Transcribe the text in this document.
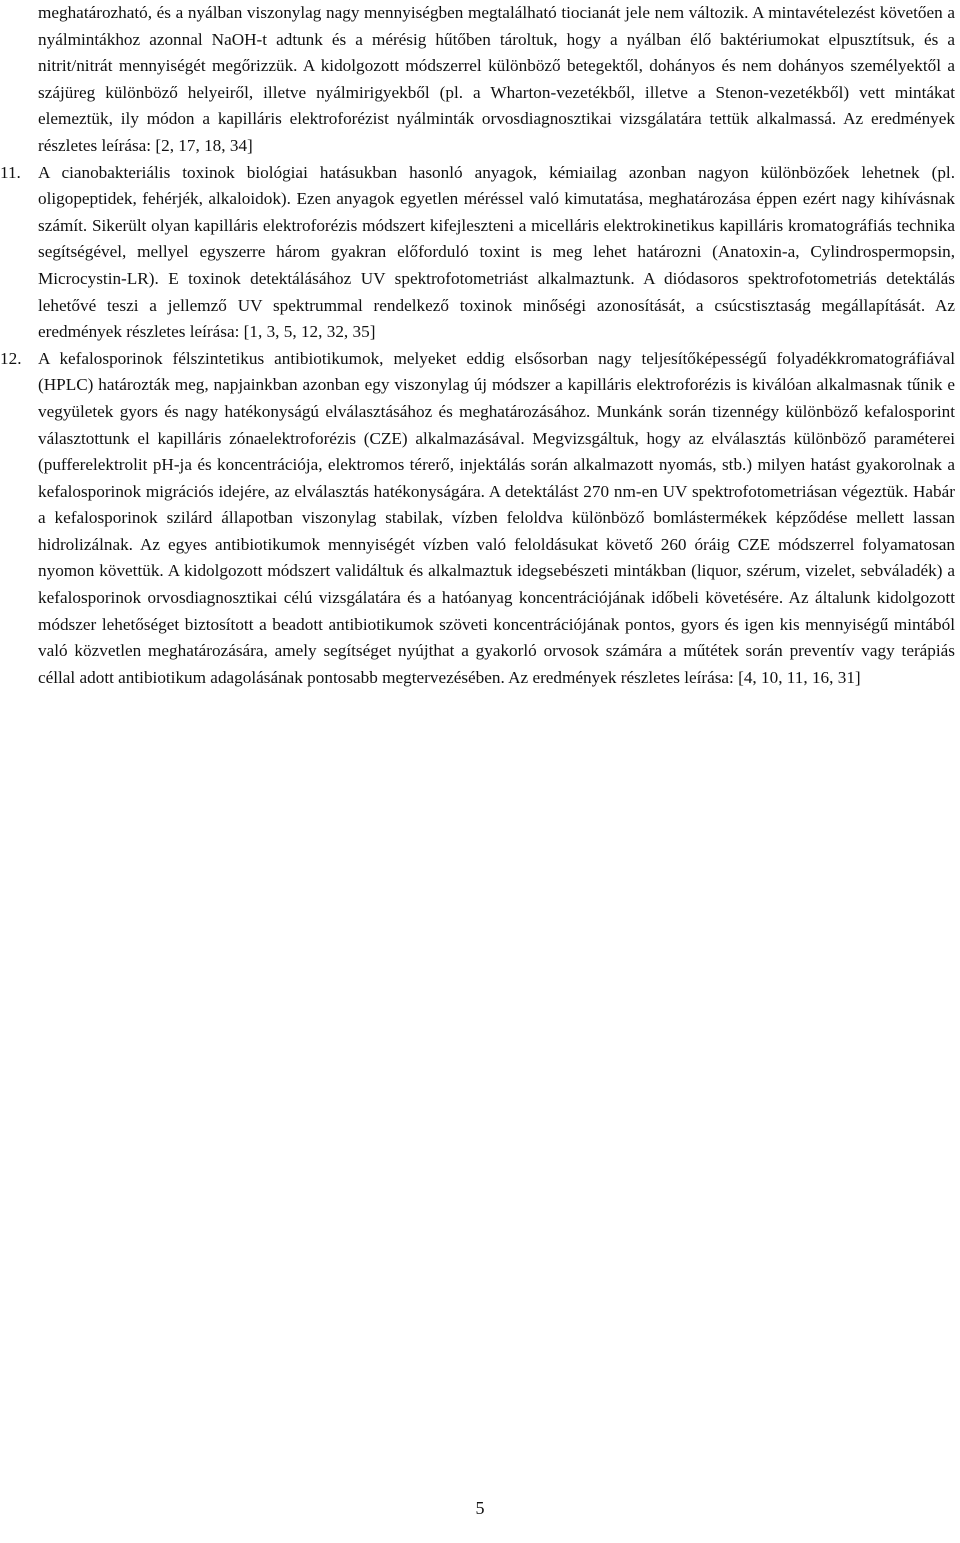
meghatározható, és a nyálban viszonylag nagy mennyiségben megtalálható tiocianát jele nem változik. A mintavételezést követően a nyálmintákhoz azonnal NaOH-t adtunk és a mérésig hűtőben tároltuk, hogy a nyálban élő baktériumokat elpusztítsuk, és a nitrit/nitrát mennyiségét megőrizzük. A kidolgozott módszerrel különböző betegektől, dohányos és nem dohányos személyektől a szájüreg különböző helyeiről, illetve nyálmirigyekből (pl. a Wharton-vezetékből, illetve a Stenon-vezetékből) vett mintákat elemeztük, ily módon a kapilláris elektroforézist nyálminták orvosdiagnosztikai vizsgálatára tettük alkalmassá. Az eredmények részletes leírása: [2, 17, 18, 34]

11. A cianobakteriális toxinok biológiai hatásukban hasonló anyagok, kémiailag azonban nagyon különbözőek lehetnek (pl. oligopeptidek, fehérjék, alkaloidok). Ezen anyagok egyetlen méréssel való kimutatása, meghatározása éppen ezért nagy kihívásnak számít. Sikerült olyan kapilláris elektroforézis módszert kifejleszteni a micelláris elektrokinetikus kapilláris kromatográfiás technika segítségével, mellyel egyszerre három gyakran előforduló toxint is meg lehet határozni (Anatoxin-a, Cylindrospermopsin, Microcystin-LR). E toxinok detektálásához UV spektrofotometriást alkalmaztunk. A diódasoros spektrofotometriás detektálás lehetővé teszi a jellemző UV spektrummal rendelkező toxinok minőségi azonosítását, a csúcstisztaság megállapítását. Az eredmények részletes leírása: [1, 3, 5, 12, 32, 35]

12. A kefalosporinok félszintetikus antibiotikumok, melyeket eddig elsősorban nagy teljesítőképességű folyadékkromatográfiával (HPLC) határozták meg, napjainkban azonban egy viszonylag új módszer a kapilláris elektroforézis is kiválóan alkalmasnak tűnik e vegyületek gyors és nagy hatékonyságú elválasztásához és meghatározásához. Munkánk során tizennégy különböző kefalosporint választottunk el kapilláris zónaelektroforézis (CZE) alkalmazásával. Megvizsgáltuk, hogy az elválasztás különböző paraméterei (pufferelektrolit pH-ja és koncentrációja, elektromos térerő, injektálás során alkalmazott nyomás, stb.) milyen hatást gyakorolnak a kefalosporinok migrációs idejére, az elválasztás hatékonyságára. A detektálást 270 nm-en UV spektrofotometriásan végeztük. Habár a kefalosporinok szilárd állapotban viszonylag stabilak, vízben feloldva különböző bomlástermékek képződése mellett lassan hidrolizálnak. Az egyes antibiotikumok mennyiségét vízben való feloldásukat követő 260 óráig CZE módszerrel folyamatosan nyomon követtük. A kidolgozott módszert validáltuk és alkalmaztuk idegsebészeti mintákban (liquor, szérum, vizelet, sebváladék) a kefalosporinok orvosdiagnosztikai célú vizsgálatára és a hatóanyag koncentrációjának időbeli követésére. Az általunk kidolgozott módszer lehetőséget biztosított a beadott antibiotikumok szöveti koncentrációjának pontos, gyors és igen kis mennyiségű mintából való közvetlen meghatározására, amely segítséget nyújthat a gyakorló orvosok számára a műtétek során preventív vagy terápiás céllal adott antibiotikum adagolásának pontosabb megtervezésében. Az eredmények részletes leírása: [4, 10, 11, 16, 31]

5
